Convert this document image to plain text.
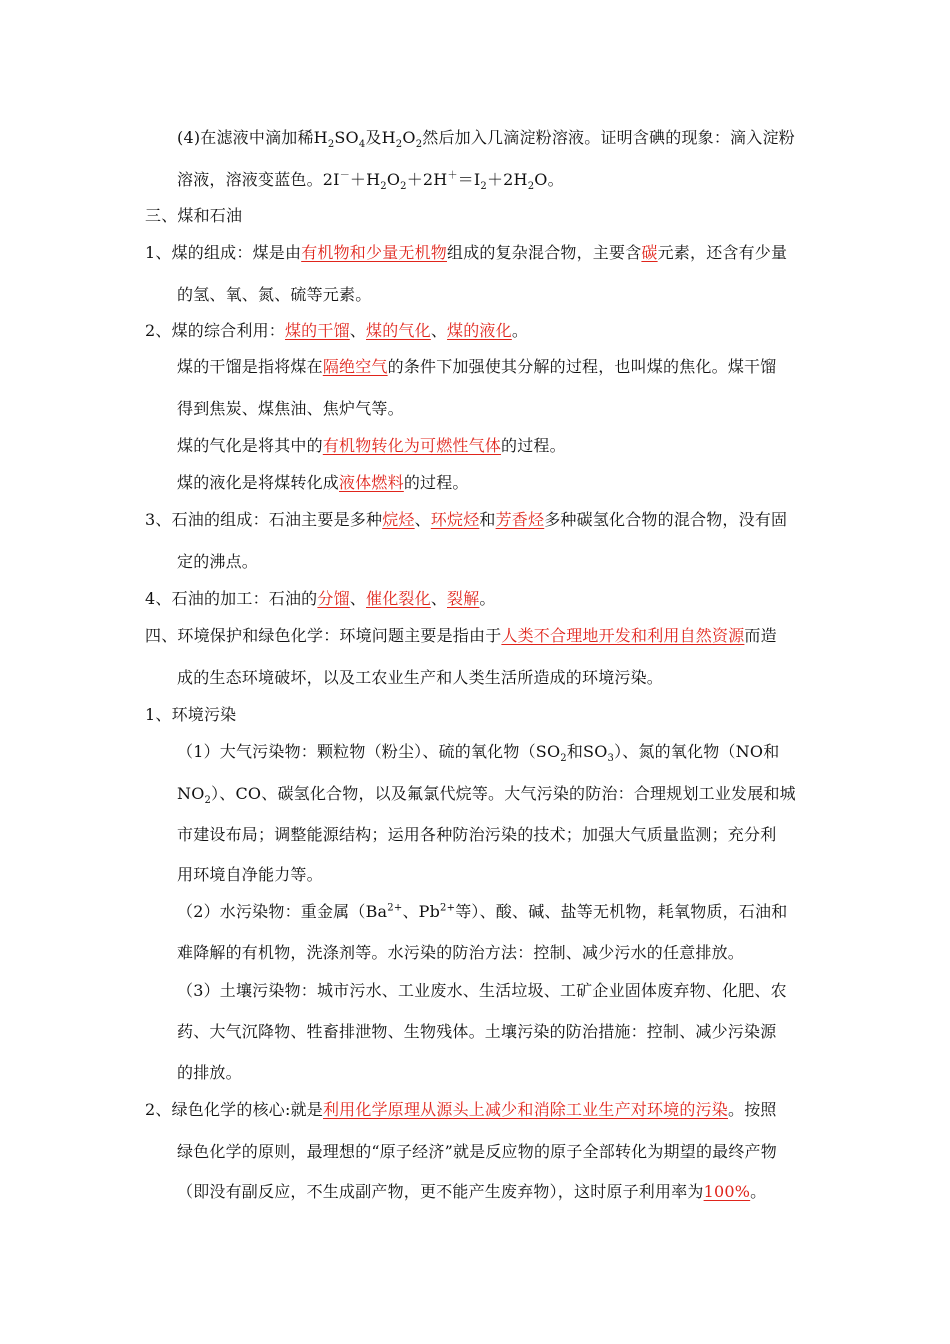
(4)在滤液中滴加稀$H_2SO_4$及$H_2O_2$然后加入几滴淀粉溶液。证明含碘的现象：滴入淀粉
溶液，溶液变蓝色。$2I^-+H_2O_2+2H^+=I_2+2H_2O$。
三、煤和石油
1、煤的组成：煤是由有机物和少量无机物组成的复杂混合物，主要含碳元素，还含有少量
的氢、氧、氮、硫等元素。
2、煤的综合利用：煤的干馏、煤的气化、煤的液化。
煤的干馏是指将煤在隔绝空气的条件下加强使其分解的过程，也叫煤的焦化。煤干馏
得到焦炭、煤焦油、焦炉气等。
煤的气化是将其中的有机物转化为可燃性气体的过程。
煤的液化是将煤转化成液体燃料的过程。
3、石油的组成：石油主要是多种烷烃、环烷烃和芳香烃多种碳氢化合物的混合物，没有固
定的沸点。
4、石油的加工：石油的分馏、催化裂化、裂解。
四、环境保护和绿色化学：环境问题主要是指由于人类不合理地开发和利用自然资源而造
成的生态环境破坏，以及工农业生产和人类生活所造成的环境污染。
1、环境污染
（1）大气污染物：颗粒物（粉尘）、硫的氧化物（$SO_2$和$SO_3$）、氮的氧化物（NO和
$NO_2$）、CO、碳氢化合物，以及氟氯代烷等。大气污染的防治：合理规划工业发展和城
市建设布局；调整能源结构；运用各种防治污染的技术；加强大气质量监测；充分利
用环境自净能力等。
（2）水污染物：重金属（$Ba^{2+}$、$Pb^{2+}$等）、酸、碱、盐等无机物，耗氧物质，石油和
难降解的有机物，洗涤剂等。水污染的防治方法：控制、减少污水的任意排放。
（3）土壤污染物：城市污水、工业废水、生活垃圾、工矿企业固体废弃物、化肥、农
药、大气沉降物、牲畜排泄物、生物残体。土壤污染的防治措施：控制、减少污染源
的排放。
2、绿色化学的核心:就是利用化学原理从源头上减少和消除工业生产对环境的污染。按照
绿色化学的原则，最理想的“原子经济”就是反应物的原子全部转化为期望的最终产物
（即没有副反应，不生成副产物，更不能产生废弃物），这时原子利用率为100%。
